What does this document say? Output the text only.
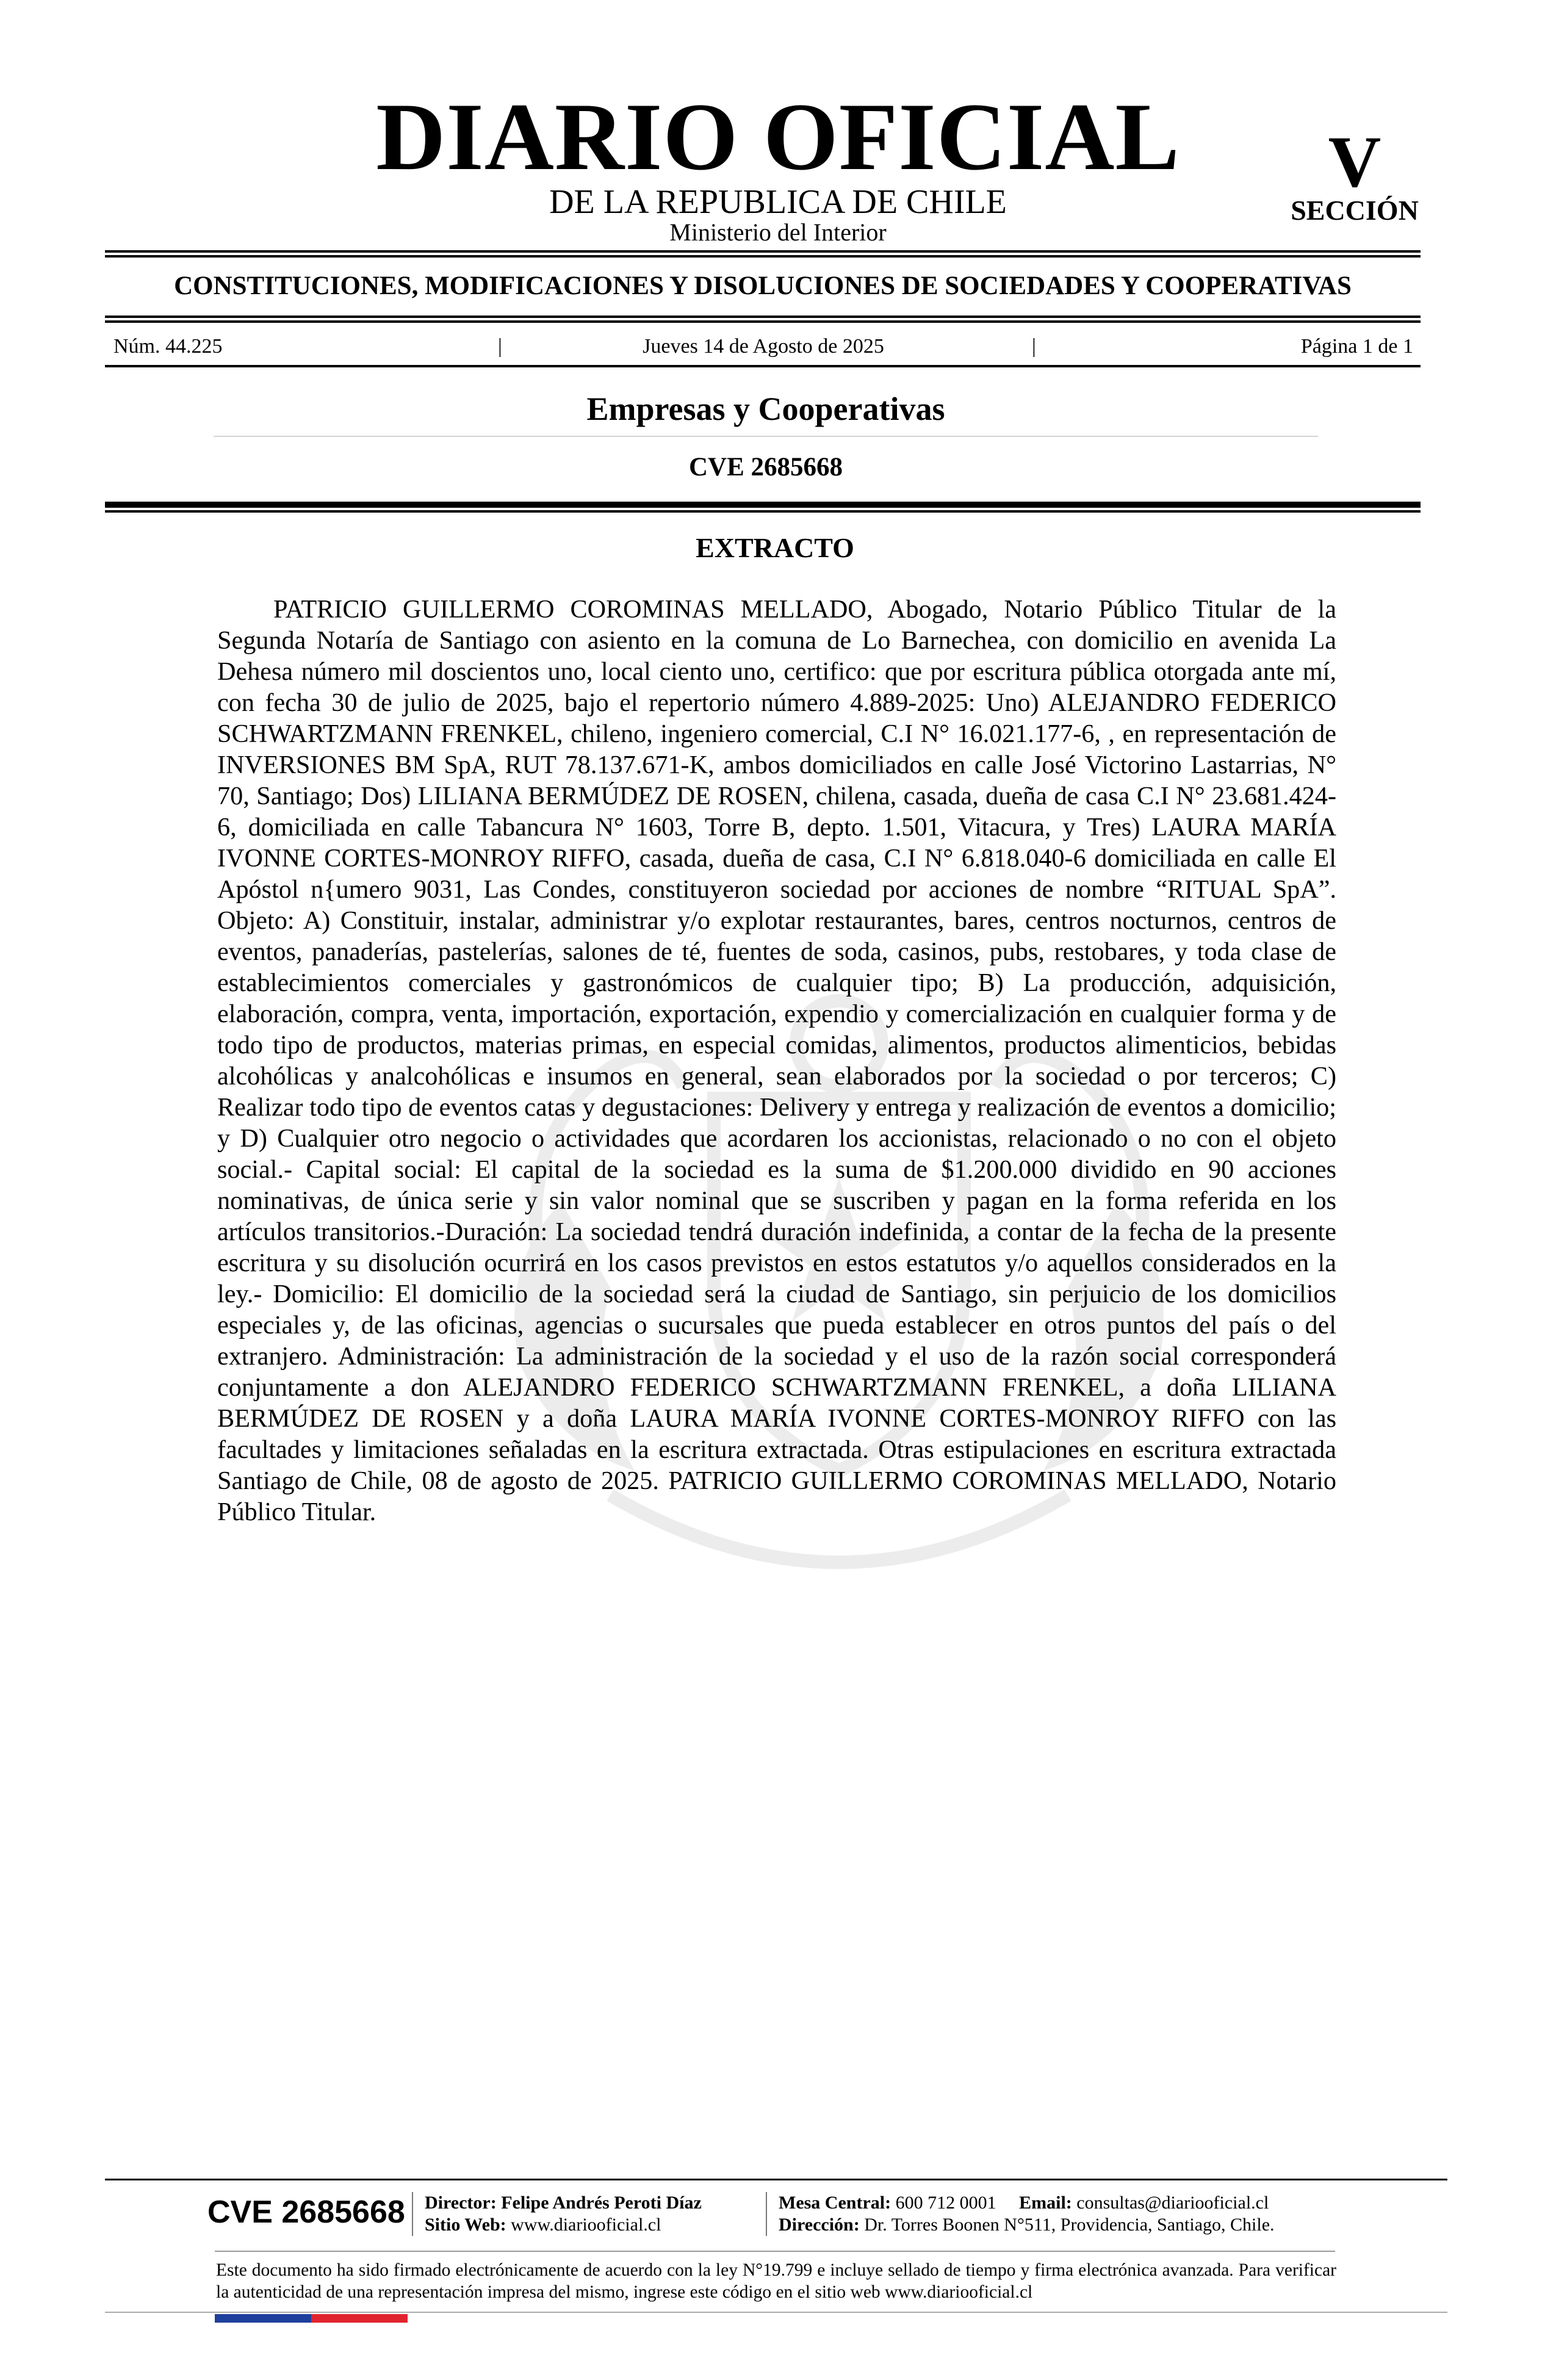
DIARIO OFICIAL
DE LA REPUBLICA DE CHILE
Ministerio del Interior
V
SECCIÓN
CONSTITUCIONES, MODIFICACIONES Y DISOLUCIONES DE SOCIEDADES Y COOPERATIVAS
Núm. 44.225	|	Jueves 14 de Agosto de 2025	|	Página 1 de 1
Empresas y Cooperativas
CVE 2685668
EXTRACTO

PATRICIO GUILLERMO COROMINAS MELLADO, Abogado, Notario Público Titular de la Segunda Notaría de Santiago con asiento en la comuna de Lo Barnechea, con domicilio en avenida La Dehesa número mil doscientos uno, local ciento uno, certifico: que por escritura pública otorgada ante mí, con fecha 30 de julio de 2025, bajo el repertorio número 4.889-2025: Uno) ALEJANDRO FEDERICO SCHWARTZMANN FRENKEL, chileno, ingeniero comercial, C.I N° 16.021.177-6, , en representación de INVERSIONES BM SpA, RUT 78.137.671-K, ambos domiciliados en calle José Victorino Lastarrias, N° 70, Santiago; Dos) LILIANA BERMÚDEZ DE ROSEN, chilena, casada, dueña de casa C.I N° 23.681.424-6, domiciliada en calle Tabancura N° 1603, Torre B, depto. 1.501, Vitacura, y Tres) LAURA MARÍA IVONNE CORTES-MONROY RIFFO, casada, dueña de casa, C.I N° 6.818.040-6 domiciliada en calle El Apóstol n{umero 9031, Las Condes, constituyeron sociedad por acciones de nombre “RITUAL SpA”. Objeto: A) Constituir, instalar, administrar y/o explotar restaurantes, bares, centros nocturnos, centros de eventos, panaderías, pastelerías, salones de té, fuentes de soda, casinos, pubs, restobares, y toda clase de establecimientos comerciales y gastronómicos de cualquier tipo; B) La producción, adquisición, elaboración, compra, venta, importación, exportación, expendio y comercialización en cualquier forma y de todo tipo de productos, materias primas, en especial comidas, alimentos, productos alimenticios, bebidas alcohólicas y analcohólicas e insumos en general, sean elaborados por la sociedad o por terceros; C) Realizar todo tipo de eventos catas y degustaciones: Delivery y entrega y realización de eventos a domicilio; y D) Cualquier otro negocio o actividades que acordaren los accionistas, relacionado o no con el objeto social.- Capital social: El capital de la sociedad es la suma de $1.200.000 dividido en 90 acciones nominativas, de única serie y sin valor nominal que se suscriben y pagan en la forma referida en los artículos transitorios.-Duración: La sociedad tendrá duración indefinida, a contar de la fecha de la presente escritura y su disolución ocurrirá en los casos previstos en estos estatutos y/o aquellos considerados en la ley.- Domicilio: El domicilio de la sociedad será la ciudad de Santiago, sin perjuicio de los domicilios especiales y, de las oficinas, agencias o sucursales que pueda establecer en otros puntos del país o del extranjero. Administración: La administración de la sociedad y el uso de la razón social corresponderá conjuntamente a don ALEJANDRO FEDERICO SCHWARTZMANN FRENKEL, a doña LILIANA BERMÚDEZ DE ROSEN y a doña LAURA MARÍA IVONNE CORTES-MONROY RIFFO con las facultades y limitaciones señaladas en la escritura extractada. Otras estipulaciones en escritura extractada Santiago de Chile, 08 de agosto de 2025. PATRICIO GUILLERMO COROMINAS MELLADO, Notario Público Titular.

CVE 2685668 Director: Felipe Andrés Peroti Díaz
Sitio Web: www.diariooficial.cl
Mesa Central: 600 712 0001 Email: consultas@diariooficial.cl
Dirección: Dr. Torres Boonen N°511, Providencia, Santiago, Chile.

Este documento ha sido firmado electrónicamente de acuerdo con la ley N°19.799 e incluye sellado de tiempo y firma electrónica avanzada. Para verificar la autenticidad de una representación impresa del mismo, ingrese este código en el sitio web www.diariooficial.cl
